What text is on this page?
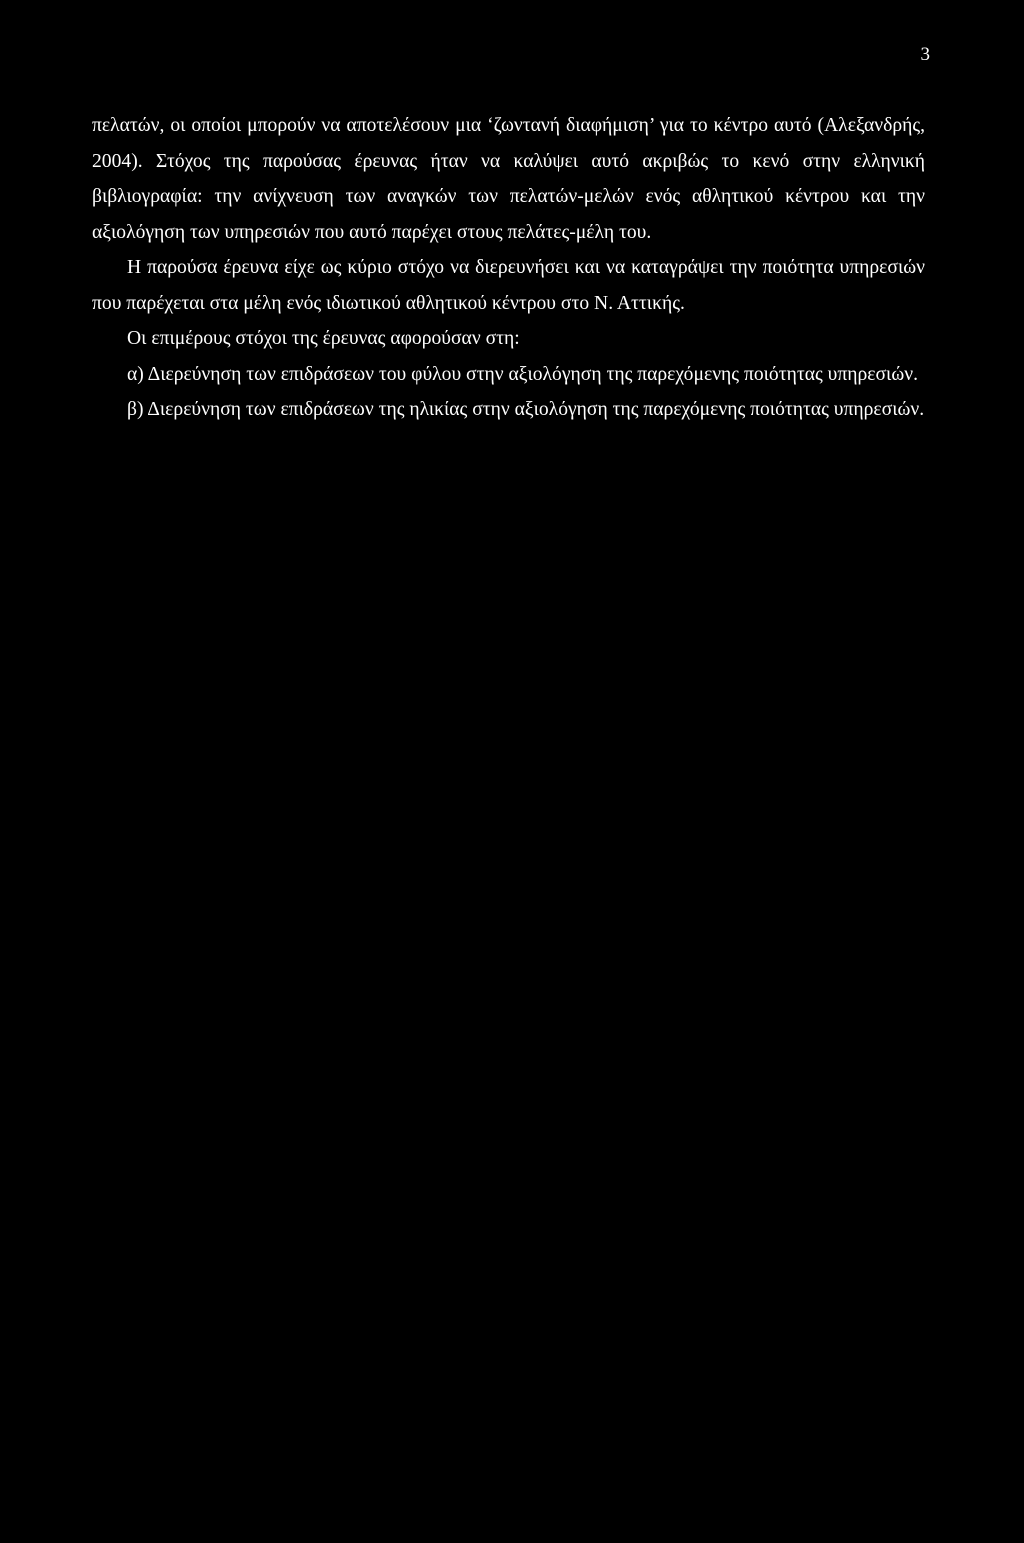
3

πελατών, οι οποίοι μπορούν να αποτελέσουν μια ‘ζωντανή διαφήμιση’ για το κέντρο αυτό (Αλεξανδρής, 2004). Στόχος της παρούσας έρευνας ήταν να καλύψει αυτό ακριβώς το κενό στην ελληνική βιβλιογραφία: την ανίχνευση των αναγκών των πελατών-μελών ενός αθλητικού κέντρου και την αξιολόγηση των υπηρεσιών που αυτό παρέχει στους πελάτες-μέλη του.

Η παρούσα έρευνα είχε ως κύριο στόχο να διερευνήσει και να καταγράψει την ποιότητα υπηρεσιών που παρέχεται στα μέλη ενός ιδιωτικού αθλητικού κέντρου στο Ν. Αττικής.

Οι επιμέρους στόχοι της έρευνας αφορούσαν στη:

α) Διερεύνηση των επιδράσεων του φύλου στην αξιολόγηση της παρεχόμενης ποιότητας υπηρεσιών.

β) Διερεύνηση των επιδράσεων της ηλικίας στην αξιολόγηση της παρεχόμενης ποιότητας υπηρεσιών.
